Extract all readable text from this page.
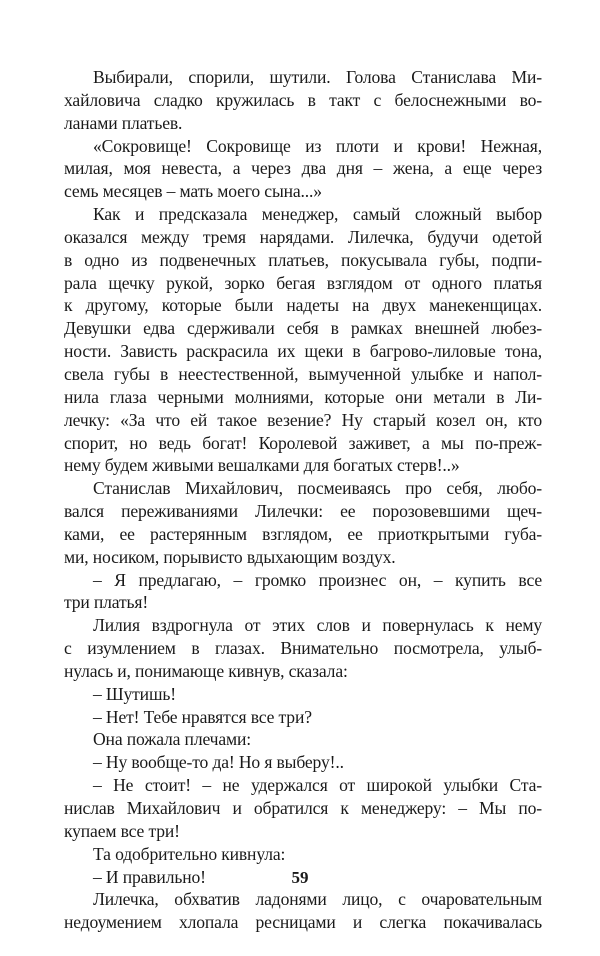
Выбирали, спорили, шутили. Голова Станислава Ми-
хайловича сладко кружилась в такт с белоснежными во-
ланами платьев.
«Сокровище! Сокровище из плоти и крови! Нежная,
милая, моя невеста, а через два дня – жена, а еще через
семь месяцев – мать моего сына...»
Как и предсказала менеджер, самый сложный выбор
оказался между тремя нарядами. Лилечка, будучи одетой
в одно из подвенечных платьев, покусывала губы, подпи-
рала щечку рукой, зорко бегая взглядом от одного платья
к другому, которые были надеты на двух манекенщицах.
Девушки едва сдерживали себя в рамках внешней любез-
ности. Зависть раскрасила их щеки в багрово-лиловые тона,
свела губы в неестественной, вымученной улыбке и напол-
нила глаза черными молниями, которые они метали в Ли-
лечку: «За что ей такое везение? Ну старый козел он, кто
спорит, но ведь богат! Королевой заживет, а мы по-преж-
нему будем живыми вешалками для богатых стерв!..»
Станислав Михайлович, посмеиваясь про себя, любо-
вался переживаниями Лилечки: ее порозовевшими щеч-
ками, ее растерянным взглядом, ее приоткрытыми губа-
ми, носиком, порывисто вдыхающим воздух.
– Я предлагаю, – громко произнес он, – купить все
три платья!
Лилия вздрогнула от этих слов и повернулась к нему
с изумлением в глазах. Внимательно посмотрела, улыб-
нулась и, понимающе кивнув, сказала:
– Шутишь!
– Нет! Тебе нравятся все три?
Она пожала плечами:
– Ну вообще-то да! Но я выберу!..
– Не стоит! – не удержался от широкой улыбки Ста-
нислав Михайлович и обратился к менеджеру: – Мы по-
купаем все три!
Та одобрительно кивнула:
– И правильно!
Лилечка, обхватив ладонями лицо, с очаровательным
недоумением хлопала ресницами и слегка покачивалась
59
